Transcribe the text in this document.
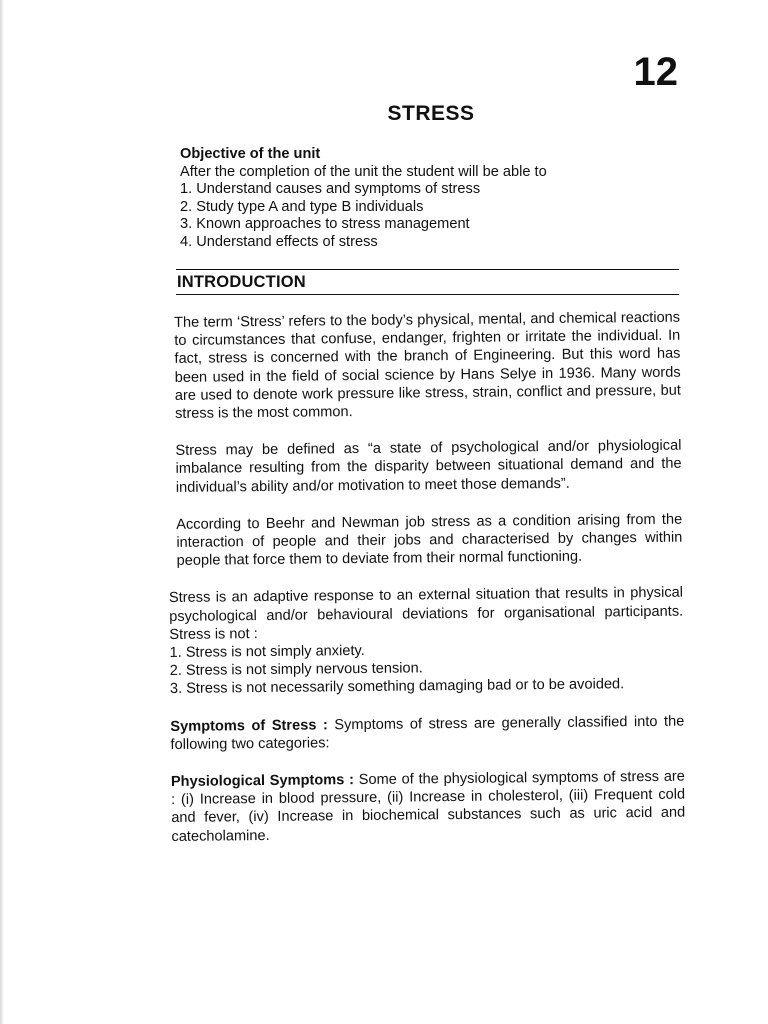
12
STRESS
Objective of the unit
After the completion of the unit the student will be able to
1. Understand causes and symptoms of stress
2. Study type A and type B individuals
3. Known approaches to stress management
4. Understand effects of stress
INTRODUCTION

The term ‘Stress’ refers to the body’s physical, mental, and chemical reactions to circumstances that confuse, endanger, frighten or irritate the individual. In fact, stress is concerned with the branch of Engineering. But this word has been used in the field of social science by Hans Selye in 1936. Many words are used to denote work pressure like stress, strain, conflict and pressure, but stress is the most common.

Stress may be defined as “a state of psychological and/or physiological imbalance resulting from the disparity between situational demand and the individual’s ability and/or motivation to meet those demands”.

According to Beehr and Newman job stress as a condition arising from the interaction of people and their jobs and characterised by changes within people that force them to deviate from their normal functioning.

Stress is an adaptive response to an external situation that results in physical psychological and/or behavioural deviations for organisational participants. Stress is not :

1. Stress is not simply anxiety.
2. Stress is not simply nervous tension.
3. Stress is not necessarily something damaging bad or to be avoided.

Symptoms of Stress : Symptoms of stress are generally classified into the following two categories:

Physiological Symptoms : Some of the physiological symptoms of stress are : (i) Increase in blood pressure, (ii) Increase in cholesterol, (iii) Frequent cold and fever, (iv) Increase in biochemical substances such as uric acid and catecholamine.
